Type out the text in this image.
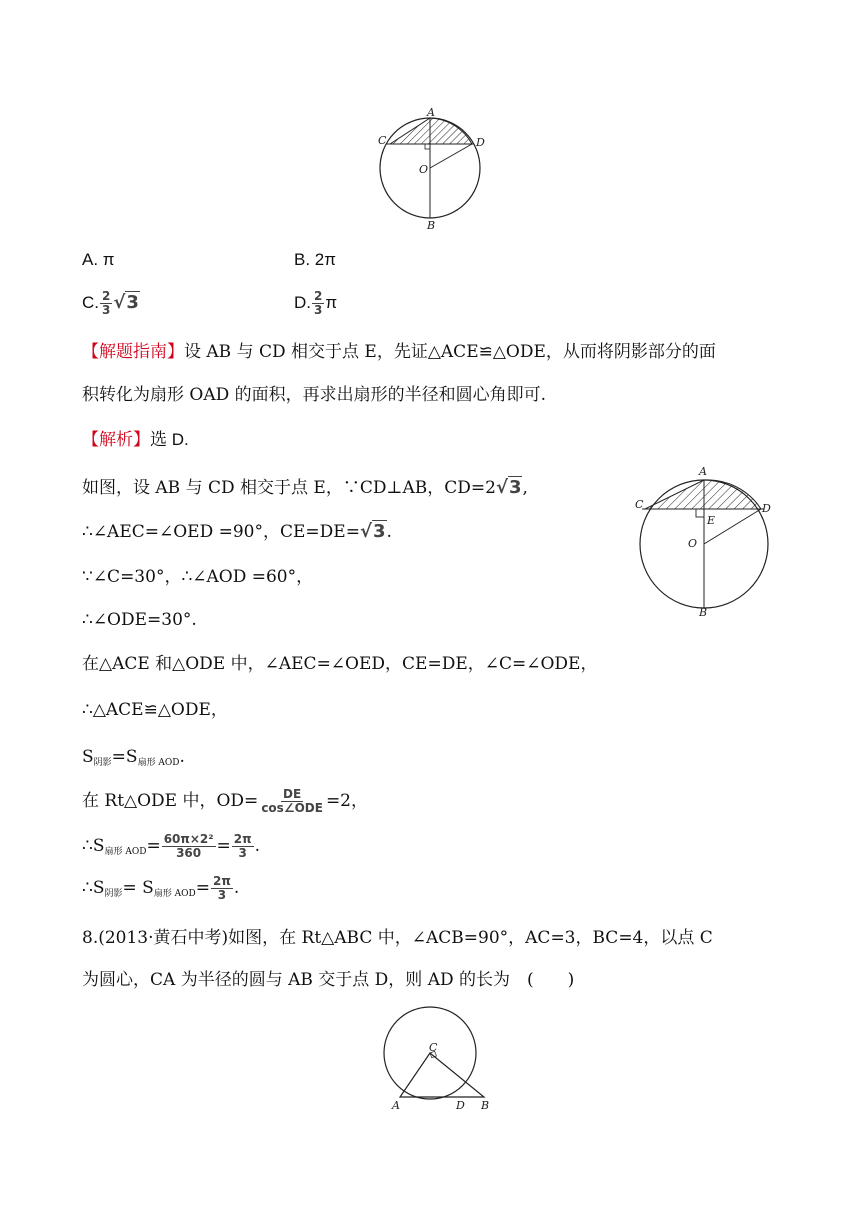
A
C	D
O
B
A. π	B. 2π
C. $\frac{2}{3} √3$	D. $\frac{2}{3}$ π
【解题指南】设 AB 与 CD 相交于点 E，先证△ACE≌△ODE，从而将阴影部分的面
积转化为扇形 OAD 的面积，再求出扇形的半径和圆心角即可.
【解析】选 D.
如图，设 AB 与 CD 相交于点 E，∵CD⊥AB，CD=2√3,
∴∠AEC=∠OED =90°，CE=DE=√3.
∵∠C=30°，∴∠AOD =60°，
∴∠ODE=30°.
在△ACE 和△ODE 中，∠AEC=∠OED，CE=DE，∠C=∠ODE，
∴△ACE≌△ODE，
$S_{阴影}=S_{扇形 AOD}$.
在 Rt△ODE 中，$OD= \frac{DE}{\text{cos∠ODE}} =2$，
$\therefore S_{扇形 AOD}= \frac{\text{60π×2²}}{360} = \frac{2\pi}{3}$ .
$\therefore S_{阴影}= S_{扇形 AOD}= \frac{2\pi}{3}$ .
A
C	D
E
O
B
8.(2013·黄石中考)如图，在 Rt△ABC 中，∠ACB=90°，AC=3，BC=4，以点 C
为圆心，CA 为半径的圆与 AB 交于点 D，则 AD 的长为　(　　)
C
A	D B
